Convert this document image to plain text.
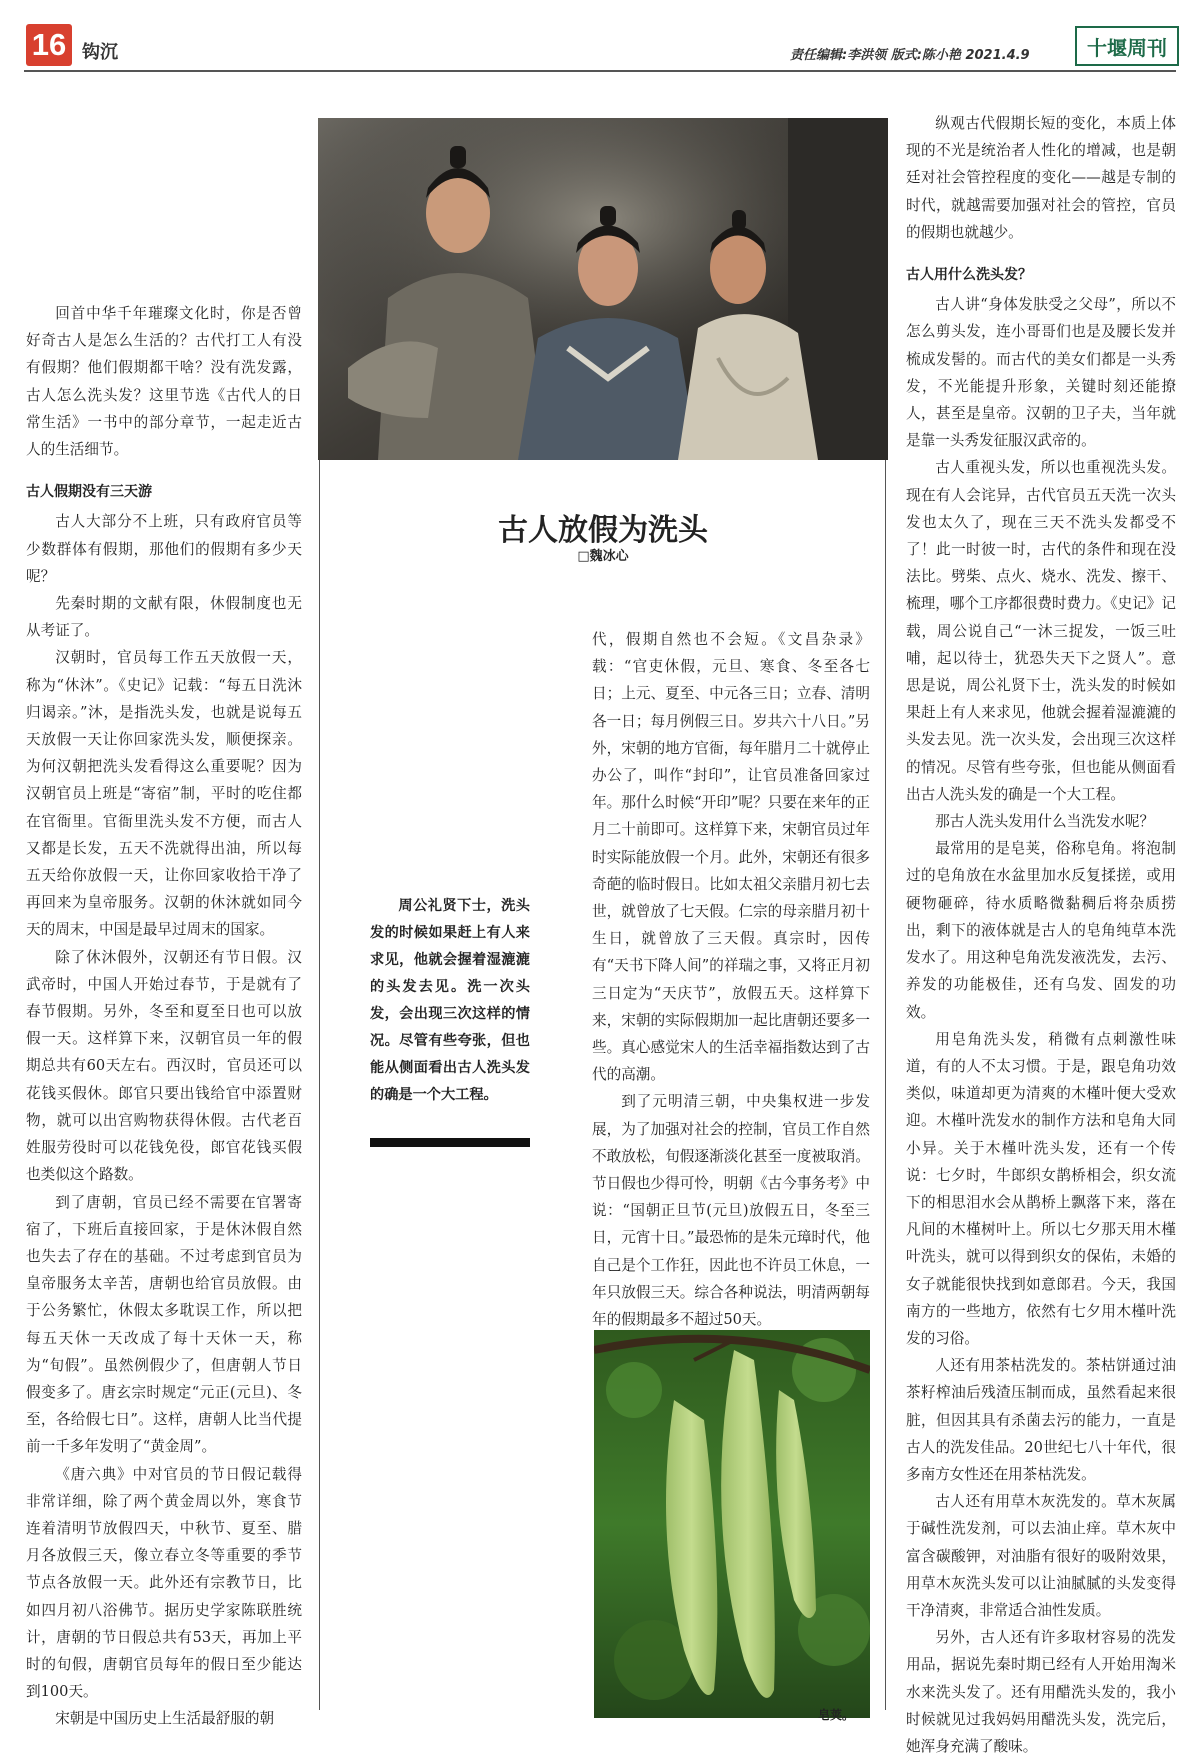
16 钩沉	责任编辑:李洪领 版式:陈小艳 2021.4.9	十堰周刊

回首中华千年璀璨文化时，你是否曾好奇古人是怎么生活的？古代打工人有没有假期？他们假期都干啥？没有洗发露，古人怎么洗头发？这里节选《古代人的日常生活》一书中的部分章节，一起走近古人的生活细节。

古人假期没有三天游

古人大部分不上班，只有政府官员等少数群体有假期，那他们的假期有多少天呢？

先秦时期的文献有限，休假制度也无从考证了。

汉朝时，官员每工作五天放假一天，称为“休沐”。《史记》记载：“每五日洗沐归谒亲。”沐，是指洗头发，也就是说每五天放假一天让你回家洗头发，顺便探亲。为何汉朝把洗头发看得这么重要呢？因为汉朝官员上班是“寄宿”制，平时的吃住都在官衙里。官衙里洗头发不方便，而古人又都是长发，五天不洗就得出油，所以每五天给你放假一天，让你回家收拾干净了再回来为皇帝服务。汉朝的休沐就如同今天的周末，中国是最早过周末的国家。

除了休沐假外，汉朝还有节日假。汉武帝时，中国人开始过春节，于是就有了春节假期。另外，冬至和夏至日也可以放假一天。这样算下来，汉朝官员一年的假期总共有60天左右。西汉时，官员还可以花钱买假休。郎官只要出钱给官中添置财物，就可以出宫购物获得休假。古代老百姓服劳役时可以花钱免役，郎官花钱买假也类似这个路数。

到了唐朝，官员已经不需要在官署寄宿了，下班后直接回家，于是休沐假自然也失去了存在的基础。不过考虑到官员为皇帝服务太辛苦，唐朝也给官员放假。由于公务繁忙，休假太多耽误工作，所以把每五天休一天改成了每十天休一天，称为“旬假”。虽然例假少了，但唐朝人节日假变多了。唐玄宗时规定“元正(元旦)、冬至，各给假七日”。这样，唐朝人比当代提前一千多年发明了“黄金周”。

《唐六典》中对官员的节日假记载得非常详细，除了两个黄金周以外，寒食节连着清明节放假四天，中秋节、夏至、腊月各放假三天，像立春立冬等重要的季节节点各放假一天。此外还有宗教节日，比如四月初八浴佛节。据历史学家陈联胜统计，唐朝的节日假总共有53天，再加上平时的旬假，唐朝官员每年的假日至少能达到100天。

宋朝是中国历史上生活最舒服的朝

古人放假为洗头
□魏冰心

周公礼贤下士，洗头发的时候如果赶上有人来求见，他就会握着湿漉漉的头发去见。洗一次头发，会出现三次这样的情况。尽管有些夸张，但也能从侧面看出古人洗头发的确是一个大工程。

代，假期自然也不会短。《文昌杂录》载：“官吏休假，元旦、寒食、冬至各七日；上元、夏至、中元各三日；立春、清明各一日；每月例假三日。岁共六十八日。”另外，宋朝的地方官衙，每年腊月二十就停止办公了，叫作“封印”，让官员准备回家过年。那什么时候“开印”呢？只要在来年的正月二十前即可。这样算下来，宋朝官员过年时实际能放假一个月。此外，宋朝还有很多奇葩的临时假日。比如太祖父亲腊月初七去世，就曾放了七天假。仁宗的母亲腊月初十生日，就曾放了三天假。真宗时，因传有“天书下降人间”的祥瑞之事，又将正月初三日定为“天庆节”，放假五天。这样算下来，宋朝的实际假期加一起比唐朝还要多一些。真心感觉宋人的生活幸福指数达到了古代的高潮。

到了元明清三朝，中央集权进一步发展，为了加强对社会的控制，官员工作自然不敢放松，旬假逐渐淡化甚至一度被取消。节日假也少得可怜，明朝《古今事务考》中说：“国朝正旦节(元旦)放假五日，冬至三日，元宵十日。”最恐怖的是朱元璋时代，他自己是个工作狂，因此也不许员工休息，一年只放假三天。综合各种说法，明清两朝每年的假期最多不超过50天。

皂荚。

纵观古代假期长短的变化，本质上体现的不光是统治者人性化的增减，也是朝廷对社会管控程度的变化——越是专制的时代，就越需要加强对社会的管控，官员的假期也就越少。

古人用什么洗头发？

古人讲“身体发肤受之父母”，所以不怎么剪头发，连小哥哥们也是及腰长发并梳成发髻的。而古代的美女们都是一头秀发，不光能提升形象，关键时刻还能撩人，甚至是皇帝。汉朝的卫子夫，当年就是靠一头秀发征服汉武帝的。

古人重视头发，所以也重视洗头发。现在有人会诧异，古代官员五天洗一次头发也太久了，现在三天不洗头发都受不了！此一时彼一时，古代的条件和现在没法比。劈柴、点火、烧水、洗发、擦干、梳理，哪个工序都很费时费力。《史记》记载，周公说自己“一沐三捉发，一饭三吐哺，起以待士，犹恐失天下之贤人”。意思是说，周公礼贤下士，洗头发的时候如果赶上有人来求见，他就会握着湿漉漉的头发去见。洗一次头发，会出现三次这样的情况。尽管有些夸张，但也能从侧面看出古人洗头发的确是一个大工程。

那古人洗头发用什么当洗发水呢？

最常用的是皂荚，俗称皂角。将泡制过的皂角放在水盆里加水反复揉搓，或用硬物砸碎，待水质略微黏稠后将杂质捞出，剩下的液体就是古人的皂角纯草本洗发水了。用这种皂角洗发液洗发，去污、养发的功能极佳，还有乌发、固发的功效。

用皂角洗头发，稍微有点刺激性味道，有的人不太习惯。于是，跟皂角功效类似，味道却更为清爽的木槿叶便大受欢迎。木槿叶洗发水的制作方法和皂角大同小异。关于木槿叶洗头发，还有一个传说：七夕时，牛郎织女鹊桥相会，织女流下的相思泪水会从鹊桥上飘落下来，落在凡间的木槿树叶上。所以七夕那天用木槿叶洗头，就可以得到织女的保佑，未婚的女子就能很快找到如意郎君。今天，我国南方的一些地方，依然有七夕用木槿叶洗发的习俗。

人还有用茶枯洗发的。茶枯饼通过油茶籽榨油后残渣压制而成，虽然看起来很脏，但因其具有杀菌去污的能力，一直是古人的洗发佳品。20世纪七八十年代，很多南方女性还在用茶枯洗发。

古人还有用草木灰洗发的。草木灰属于碱性洗发剂，可以去油止痒。草木灰中富含碳酸钾，对油脂有很好的吸附效果，用草木灰洗头发可以让油腻腻的头发变得干净清爽，非常适合油性发质。

另外，古人还有许多取材容易的洗发用品，据说先秦时期已经有人开始用淘米水来洗头发了。还有用醋洗头发的，我小时候就见过我妈妈用醋洗头发，洗完后，她浑身充满了酸味。
